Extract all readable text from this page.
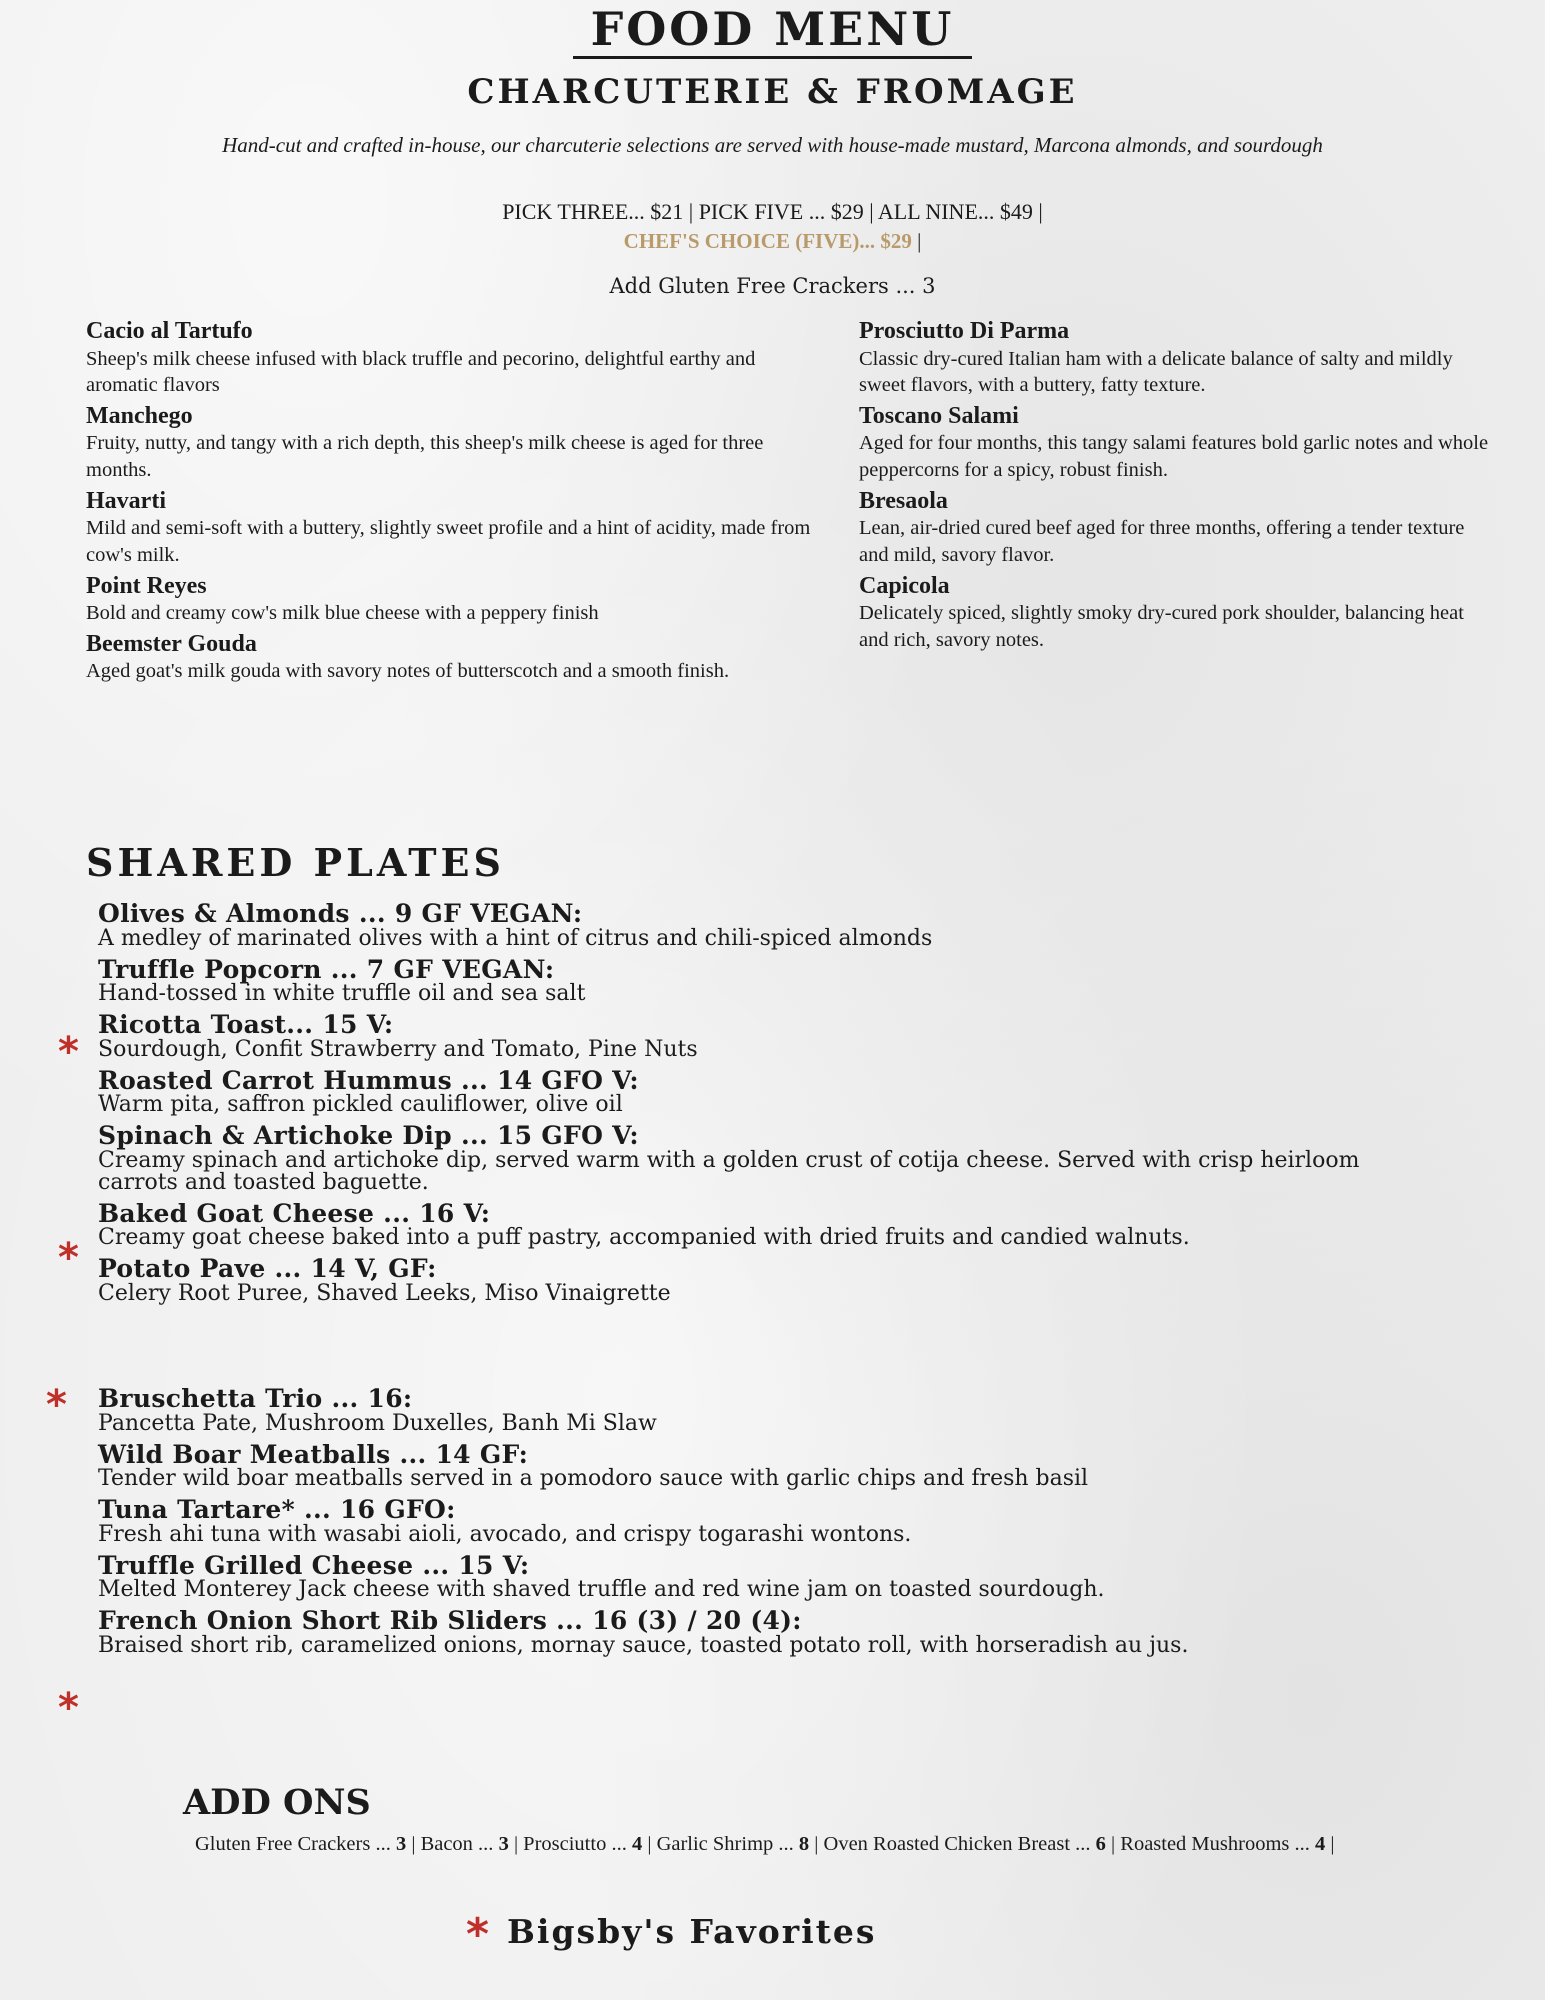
FOOD MENU
CHARCUTERIE & FROMAGE
Hand-cut and crafted in-house, our charcuterie selections are served with house-made mustard, Marcona almonds, and sourdough
PICK THREE... $21 | PICK FIVE ... $29 | ALL NINE... $49 |
CHEF'S CHOICE (FIVE)... $29 |
Add Gluten Free Crackers ... 3
Cacio al Tartufo
Sheep's milk cheese infused with black truffle and pecorino, delightful earthy and aromatic flavors
Manchego
Fruity, nutty, and tangy with a rich depth, this sheep's milk cheese is aged for three months.
Havarti
Mild and semi-soft with a buttery, slightly sweet profile and a hint of acidity, made from cow's milk.
Point Reyes
Bold and creamy cow's milk blue cheese with a peppery finish
Beemster Gouda
Aged goat's milk gouda with savory notes of butterscotch and a smooth finish.
Prosciutto Di Parma
Classic dry-cured Italian ham with a delicate balance of salty and mildly sweet flavors, with a buttery, fatty texture.
Toscano Salami
Aged for four months, this tangy salami features bold garlic notes and whole peppercorns for a spicy, robust finish.
Bresaola
Lean, air-dried cured beef aged for three months, offering a tender texture and mild, savory flavor.
Capicola
Delicately spiced, slightly smoky dry-cured pork shoulder, balancing heat and rich, savory notes.
SHARED PLATES
Olives & Almonds ... 9 GF VEGAN:
A medley of marinated olives with a hint of citrus and chili-spiced almonds
Truffle Popcorn ... 7 GF VEGAN:
Hand-tossed in white truffle oil and sea salt
Ricotta Toast... 15 V:
Sourdough, Confit Strawberry and Tomato, Pine Nuts
Roasted Carrot Hummus ... 14 GFO V:
Warm pita, saffron pickled cauliflower, olive oil
Spinach & Artichoke Dip ... 15 GFO V:
Creamy spinach and artichoke dip, served warm with a golden crust of cotija cheese. Served with crisp heirloom carrots and toasted baguette.
Baked Goat Cheese ... 16 V:
Creamy goat cheese baked into a puff pastry, accompanied with dried fruits and candied walnuts.
Potato Pave ... 14 V, GF:
Celery Root Puree, Shaved Leeks, Miso Vinaigrette
Bruschetta Trio ... 16:
Pancetta Pate, Mushroom Duxelles, Banh Mi Slaw
Wild Boar Meatballs ... 14 GF:
Tender wild boar meatballs served in a pomodoro sauce with garlic chips and fresh basil
Tuna Tartare* ... 16 GFO:
Fresh ahi tuna with wasabi aioli, avocado, and crispy togarashi wontons.
Truffle Grilled Cheese ... 15 V:
Melted Monterey Jack cheese with shaved truffle and red wine jam on toasted sourdough.
French Onion Short Rib Sliders ... 16 (3) / 20 (4):
Braised short rib, caramelized onions, mornay sauce, toasted potato roll, with horseradish au jus.
*
*
*
*
ADD ONS
Gluten Free Crackers ... 3 | Bacon ... 3 | Prosciutto ... 4 | Garlic Shrimp ... 8 | Oven Roasted Chicken Breast ... 6 | Roasted Mushrooms ... 4 |
* Bigsby's Favorites
